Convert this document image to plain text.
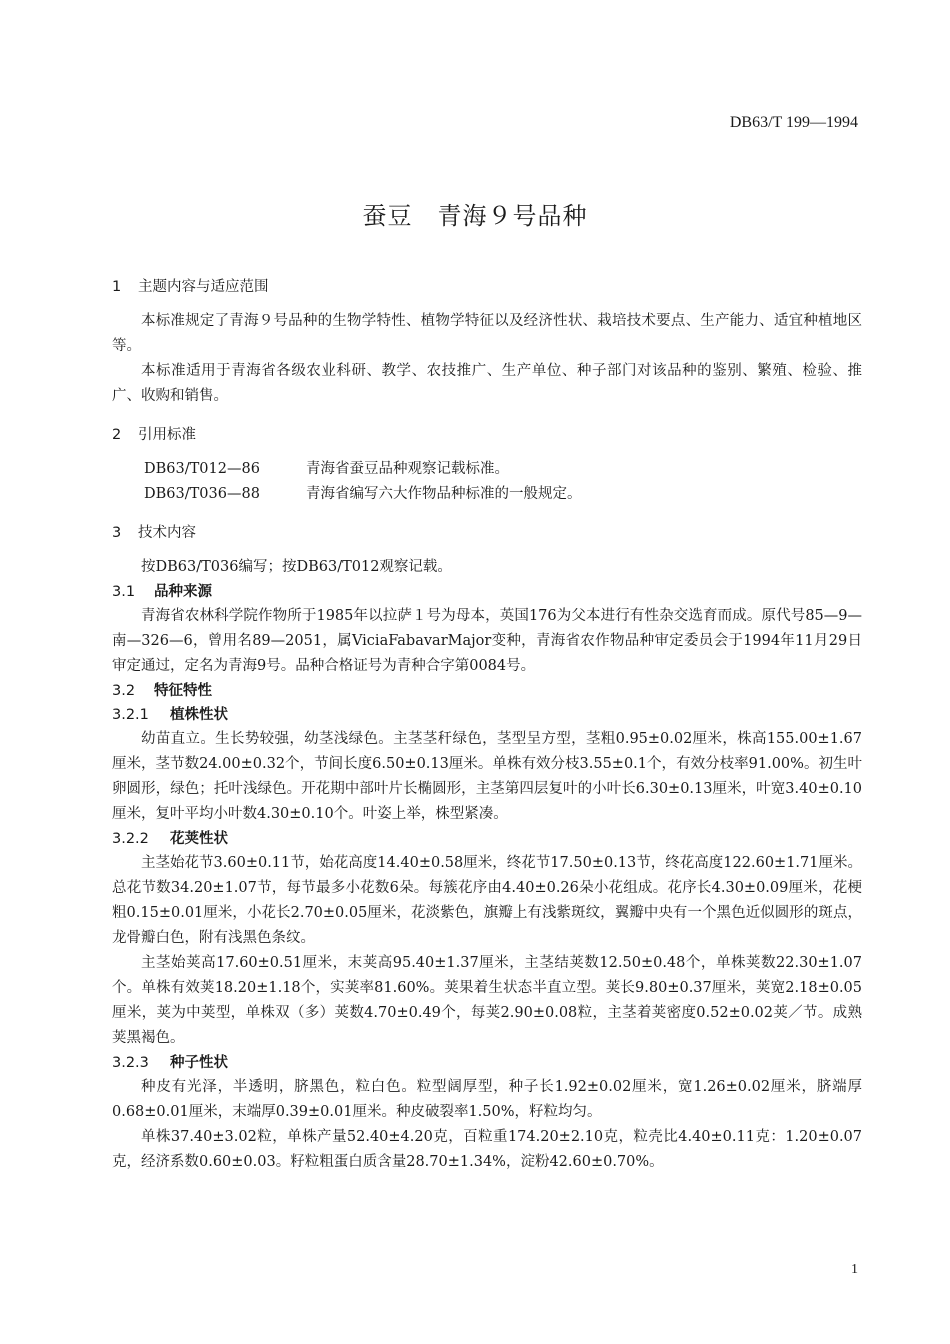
DB63/T 199—1994
蚕豆　青海９号品种
1 主题内容与适应范围

本标准规定了青海９号品种的生物学特性、植物学特征以及经济性状、栽培技术要点、生产能力、适宜种植地区等。

本标准适用于青海省各级农业科研、教学、农技推广、生产单位、种子部门对该品种的鉴别、繁殖、检验、推广、收购和销售。

2 引用标准
DB63/T012—86	青海省蚕豆品种观察记载标准。
DB63/T036—88	青海省编写六大作物品种标准的一般规定。
3 技术内容

按DB63/T036编写；按DB63/T012观察记载。

3.1 品种来源

青海省农林科学院作物所于1985年以拉萨１号为母本，英国176为父本进行有性杂交选育而成。原代号85—9—南—326—6，曾用名89—2051，属ViciaFabavarMajor变种，青海省农作物品种审定委员会于1994年11月29日审定通过，定名为青海9号。品种合格证号为青种合字第0084号。

3.2 特征特性
3.2.1 植株性状

幼苗直立。生长势较强，幼茎浅绿色。主茎茎秆绿色，茎型呈方型，茎粗0.95±0.02厘米，株高155.00±1.67厘米，茎节数24.00±0.32个，节间长度6.50±0.13厘米。单株有效分枝3.55±0.1个，有效分枝率91.00%。初生叶卵圆形，绿色；托叶浅绿色。开花期中部叶片长椭圆形，主茎第四层复叶的小叶长6.30±0.13厘米，叶宽3.40±0.10厘米，复叶平均小叶数4.30±0.10个。叶姿上举，株型紧凑。

3.2.2 花荚性状

主茎始花节3.60±0.11节，始花高度14.40±0.58厘米，终花节17.50±0.13节，终花高度122.60±1.71厘米。总花节数34.20±1.07节，每节最多小花数6朵。每簇花序由4.40±0.26朵小花组成。花序长4.30±0.09厘米，花梗粗0.15±0.01厘米，小花长2.70±0.05厘米，花淡紫色，旗瓣上有浅紫斑纹，翼瓣中央有一个黑色近似圆形的斑点，龙骨瓣白色，附有浅黑色条纹。

主茎始荚高17.60±0.51厘米，末荚高95.40±1.37厘米，主茎结荚数12.50±0.48个，单株荚数22.30±1.07个。单株有效荚18.20±1.18个，实荚率81.60%。荚果着生状态半直立型。荚长9.80±0.37厘米，荚宽2.18±0.05厘米，荚为中荚型，单株双（多）荚数4.70±0.49个，每荚2.90±0.08粒，主茎着荚密度0.52±0.02荚／节。成熟荚黑褐色。

3.2.3 种子性状

种皮有光泽，半透明，脐黑色，粒白色。粒型阔厚型，种子长1.92±0.02厘米，宽1.26±0.02厘米，脐端厚0.68±0.01厘米，末端厚0.39±0.01厘米。种皮破裂率1.50%，籽粒均匀。

单株37.40±3.02粒，单株产量52.40±4.20克，百粒重174.20±2.10克，粒壳比4.40±0.11克：1.20±0.07克，经济系数0.60±0.03。籽粒粗蛋白质含量28.70±1.34%，淀粉42.60±0.70%。

1
